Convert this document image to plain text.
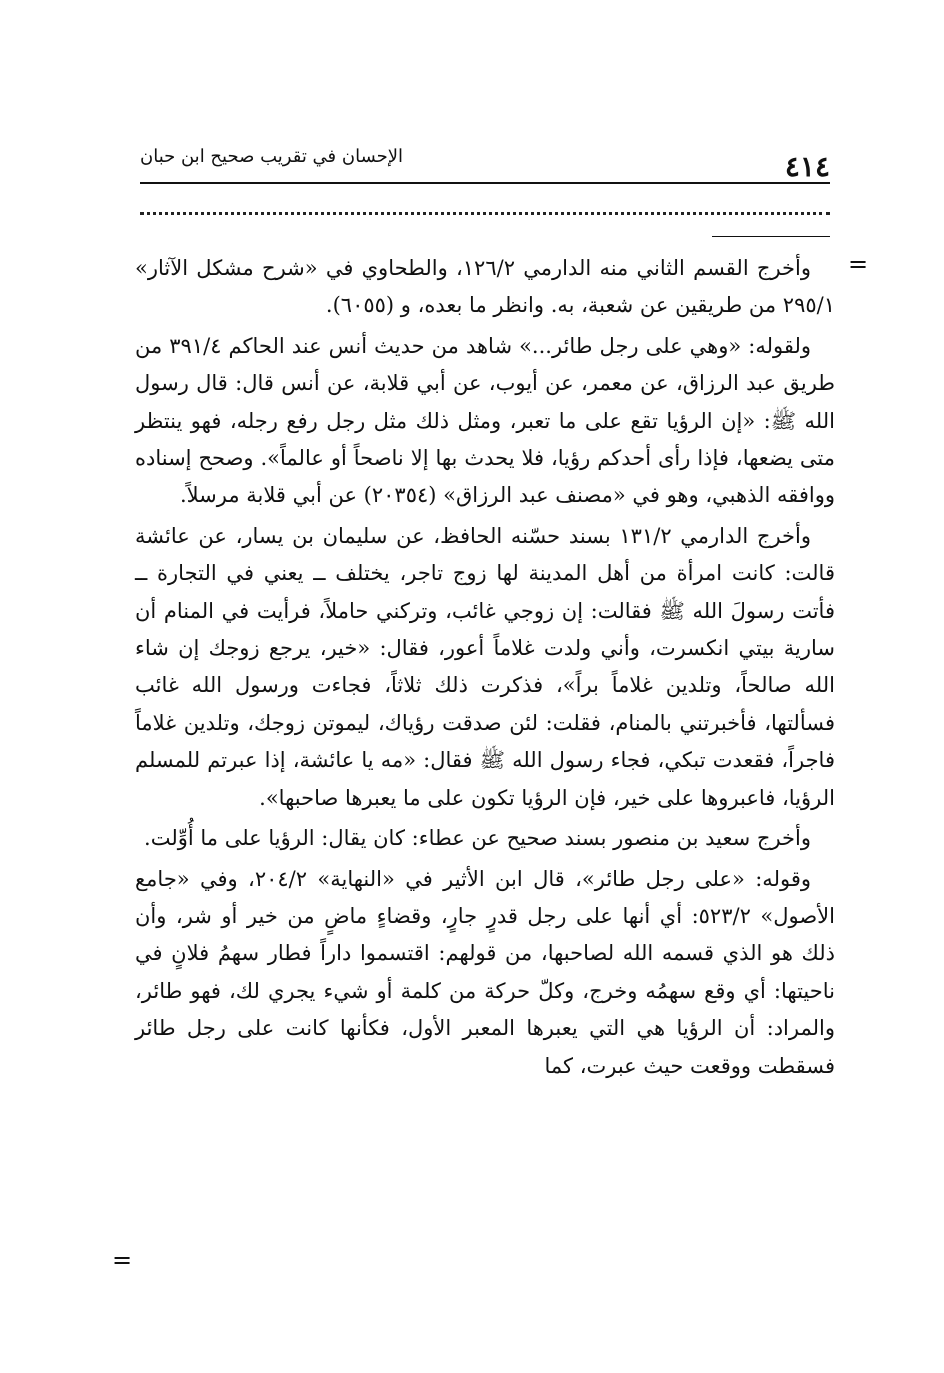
٤١٤
الإحسان في تقريب صحيح ابن حبان
=
=

وأخرج القسم الثاني منه الدارمي ١٢٦/٢، والطحاوي في «شرح مشكل الآثار» ٢٩٥/١ من طريقين عن شعبة، به. وانظر ما بعده، و (٦٠٥٥).

ولقوله: «وهي على رجل طائر...» شاهد من حديث أنس عند الحاكم ٣٩١/٤ من طريق عبد الرزاق، عن معمر، عن أيوب، عن أبي قلابة، عن أنس قال: قال رسول الله ﷺ: «إن الرؤيا تقع على ما تعبر، ومثل ذلك مثل رجل رفع رجله، فهو ينتظر متى يضعها، فإذا رأى أحدكم رؤيا، فلا يحدث بها إلا ناصحاً أو عالماً». وصحح إسناده ووافقه الذهبي، وهو في «مصنف عبد الرزاق» (٢٠٣٥٤) عن أبي قلابة مرسلاً.

وأخرج الدارمي ١٣١/٢ بسند حسّنه الحافظ، عن سليمان بن يسار، عن عائشة قالت: كانت امرأة من أهل المدينة لها زوج تاجر، يختلف ــ يعني في التجارة ــ فأتت رسولَ الله ﷺ فقالت: إن زوجي غائب، وتركني حاملاً، فرأيت في المنام أن سارية بيتي انكسرت، وأني ولدت غلاماً أعور، فقال: «خير، يرجع زوجك إن شاء الله صالحاً، وتلدين غلاماً براً»، فذكرت ذلك ثلاثاً، فجاءت ورسول الله غائب فسألتها، فأخبرتني بالمنام، فقلت: لئن صدقت رؤياك، ليموتن زوجك، وتلدين غلاماً فاجراً، فقعدت تبكي، فجاء رسول الله ﷺ فقال: «مه يا عائشة، إذا عبرتم للمسلم الرؤيا، فاعبروها على خير، فإن الرؤيا تكون على ما يعبرها صاحبها».

وأخرج سعيد بن منصور بسند صحيح عن عطاء: كان يقال: الرؤيا على ما أُوِّلت.

وقوله: «على رجل طائر»، قال ابن الأثير في «النهاية» ٢٠٤/٢، وفي «جامع الأصول» ٥٢٣/٢: أي أنها على رجل قدرٍ جارٍ، وقضاءٍ ماضٍ من خير أو شر، وأن ذلك هو الذي قسمه الله لصاحبها، من قولهم: اقتسموا داراً فطار سهمُ فلانٍ في ناحيتها: أي وقع سهمُه وخرج، وكلّ حركة من كلمة أو شيء يجري لك، فهو طائر، والمراد: أن الرؤيا هي التي يعبرها المعبر الأول، فكأنها كانت على رجل طائر فسقطت ووقعت حيث عبرت، كما
